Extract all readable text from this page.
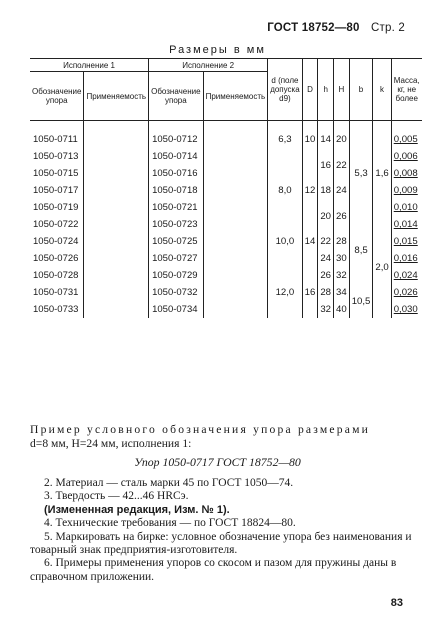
ГОСТ 18752—80 Стр. 2
Размеры в мм
Исполнение 1		Исполнение 2		d (поле допуска d9)	D	h	H	b	k	Масса, кг, не более
Обозначение упора	Применяемость	Обозначение упора	Применяемость							
1050-0711		1050-0712		6,3	10	14	20	5,3	1,6	0,005
1050-0713		1050-0714				16	22			0,006
1050-0715		1050-0716		8,0	12					0,008
1050-0717		1050-0718				18	24			0,009
1050-0719		1050-0721				20	26			0,010
1050-0722		1050-0723		10,0	14			8,5	2,0	0,014
1050-0724		1050-0725				22	28			0,015
1050-0726		1050-0727				24	30			0,016
1050-0728		1050-0729		12,0	16	26	32			0,024
1050-0731		1050-0732				28	34	10,5		0,026
1050-0733		1050-0734				32	40			0,030
Пример условного обозначения упора размерами
d=8 мм, H=24 мм, исполнения 1:
Упор 1050-0717 ГОСТ 18752—80

2. Материал — сталь марки 45 по ГОСТ 1050—74.

3. Твердость — 42...46 HRCэ.

(Измененная редакция, Изм. № 1).

4. Технические требования — по ГОСТ 18824—80.

5. Маркировать на бирке: условное обозначение упора без наименования и товарный знак предприятия-изготовителя.

6. Примеры применения упоров со скосом и пазом для пружины даны в справочном приложении.

83
